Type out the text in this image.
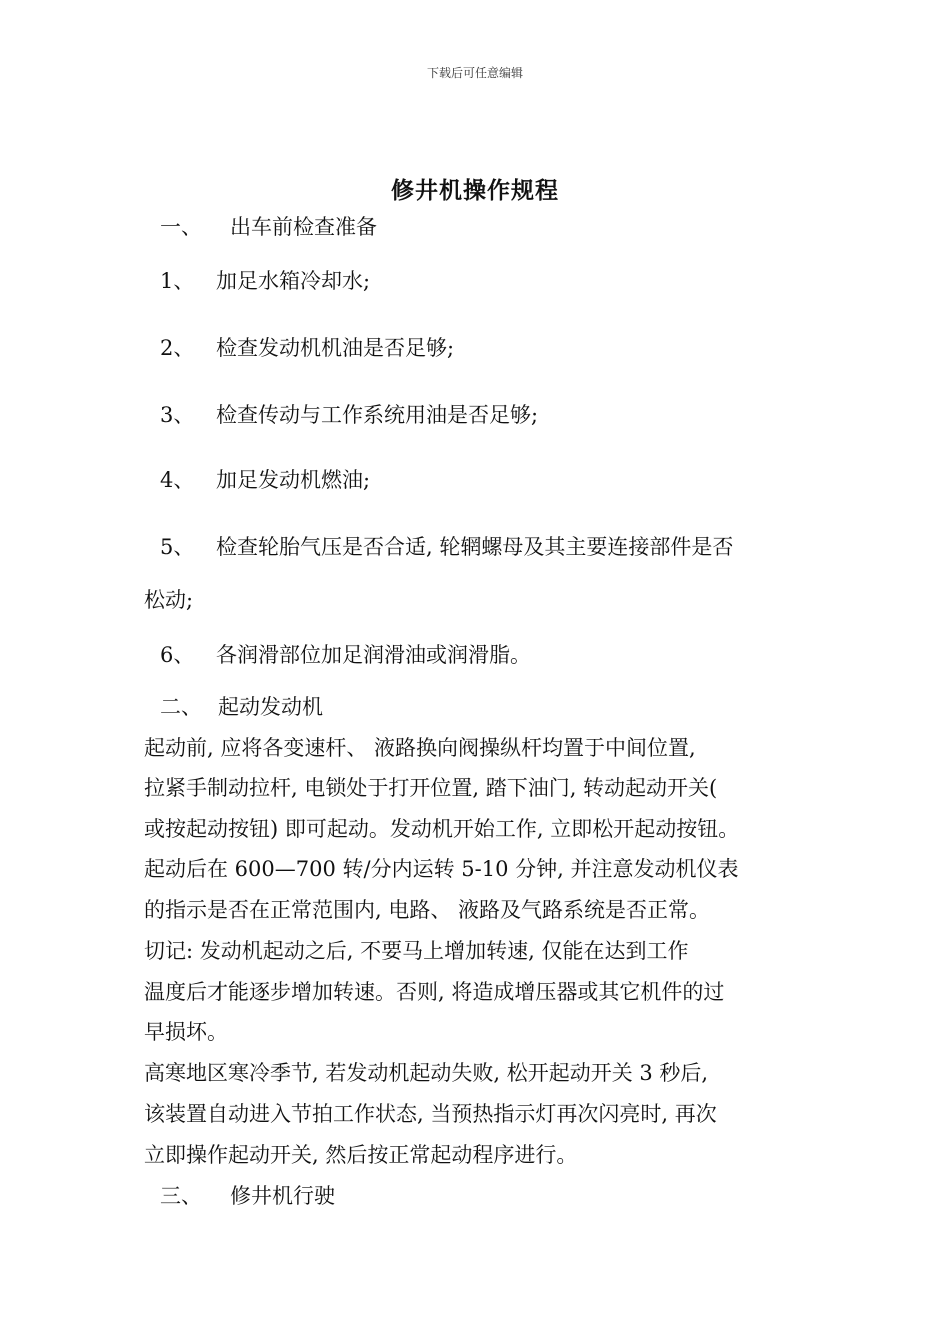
下载后可任意编辑
修井机操作规程
一、 出车前检查准备
1、 加足水箱冷却水;
2、 检查发动机机油是否足够;
3、 检查传动与工作系统用油是否足够;
4、 加足发动机燃油;
5、 检查轮胎气压是否合适, 轮辋螺母及其主要连接部件是否
松动;
6、 各润滑部位加足润滑油或润滑脂。
二、 起动发动机
起动前, 应将各变速杆、 液路换向阀操纵杆均置于中间位置,
拉紧手制动拉杆, 电锁处于打开位置, 踏下油门, 转动起动开关(
或按起动按钮) 即可起动。发动机开始工作, 立即松开起动按钮。
起动后在 600—700 转/分内运转 5-10 分钟, 并注意发动机仪表
的指示是否在正常范围内, 电路、 液路及气路系统是否正常。
切记: 发动机起动之后, 不要马上增加转速, 仅能在达到工作
温度后才能逐步增加转速。否则, 将造成增压器或其它机件的过
早损坏。
高寒地区寒冷季节, 若发动机起动失败, 松开起动开关 3 秒后,
该装置自动进入节拍工作状态, 当预热指示灯再次闪亮时, 再次
立即操作起动开关, 然后按正常起动程序进行。
三、 修井机行驶
